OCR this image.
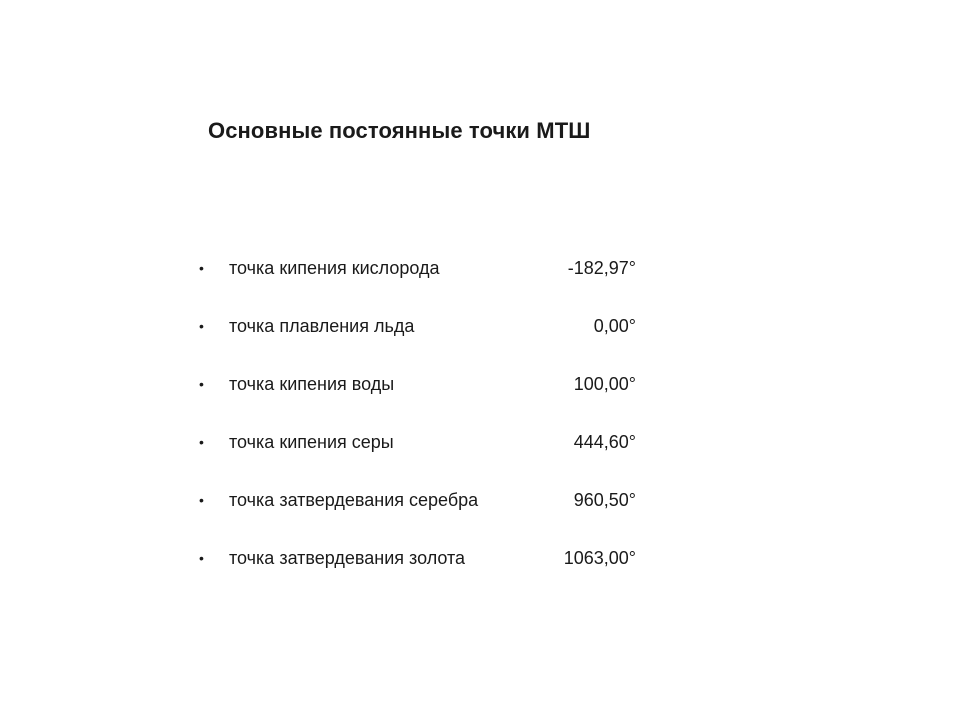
Основные постоянные точки МТШ
• точка кипения кислорода	-182,97°
• точка плавления льда	0,00°
• точка кипения воды	100,00°
• точка кипения серы	444,60°
• точка затвердевания серебра	960,50°
• точка затвердевания золота	1063,00°
